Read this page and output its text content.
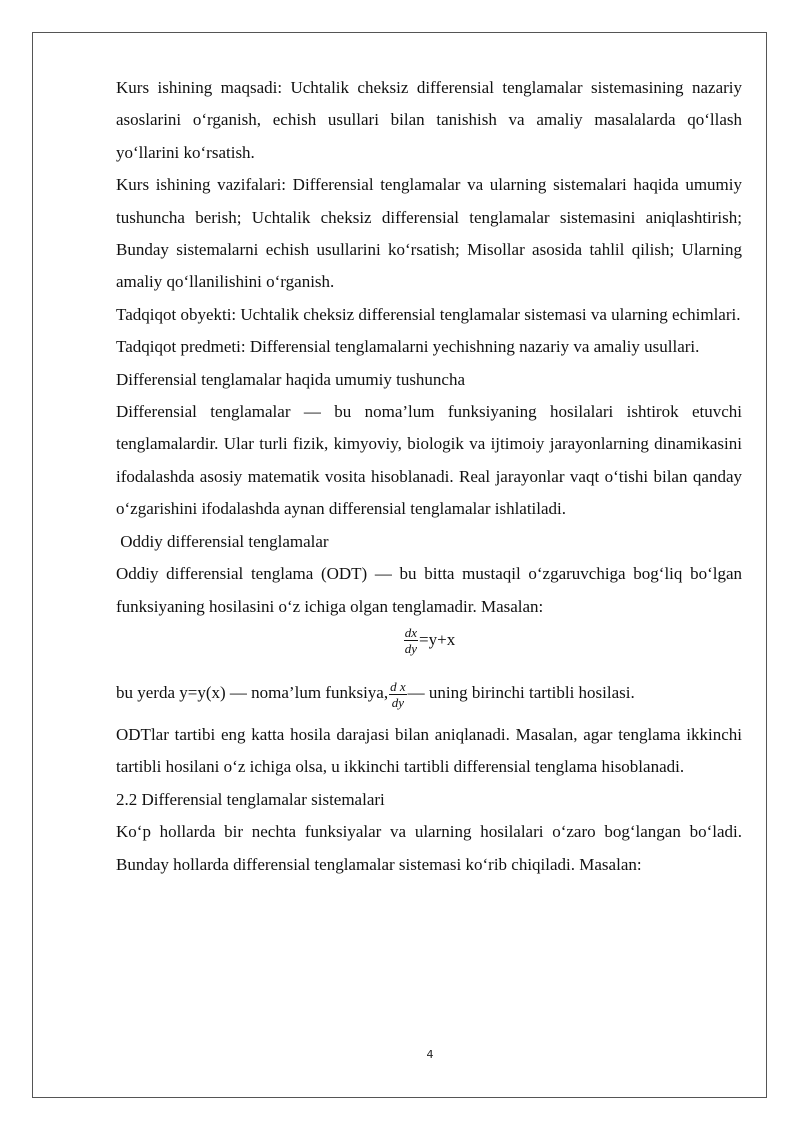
Kurs ishining maqsadi: Uchtalik cheksiz differensial tenglamalar sistemasining nazariy asoslarini o‘rganish, echish usullari bilan tanishish va amaliy masalalarda qo‘llash yo‘llarini ko‘rsatish.

Kurs ishining vazifalari: Differensial tenglamalar va ularning sistemalari haqida umumiy tushuncha berish; Uchtalik cheksiz differensial tenglamalar sistemasini aniqlashtirish; Bunday sistemalarni echish usullarini ko‘rsatish; Misollar asosida tahlil qilish; Ularning amaliy qo‘llanilishini o‘rganish.

Tadqiqot obyekti: Uchtalik cheksiz differensial tenglamalar sistemasi va ularning echimlari.

Tadqiqot predmeti: Differensial tenglamalarni yechishning nazariy va amaliy usullari.

Differensial tenglamalar haqida umumiy tushuncha

Differensial tenglamalar — bu noma’lum funksiyaning hosilalari ishtirok etuvchi tenglamalardir. Ular turli fizik, kimyoviy, biologik va ijtimoiy jarayonlarning dinamikasini ifodalashda asosiy matematik vosita hisoblanadi. Real jarayonlar vaqt o‘tishi bilan qanday o‘zgarishini ifodalashda aynan differensial tenglamalar ishlatiladi.

Oddiy differensial tenglamalar

Oddiy differensial tenglama (ODT) — bu bitta mustaqil o‘zgaruvchiga bog‘liq bo‘lgan funksiyaning hosilasini o‘z ichiga olgan tenglamadir. Masalan:

$\frac{dx}{dy} =y+x$

bu yerda y=y(x) — noma’lum funksiya, $\frac{\text{d x}}{dy}$ — uning birinchi tartibli hosilasi.

ODTlar tartibi eng katta hosila darajasi bilan aniqlanadi. Masalan, agar tenglama ikkinchi tartibli hosilani o‘z ichiga olsa, u ikkinchi tartibli differensial tenglama hisoblanadi.

2.2 Differensial tenglamalar sistemalari

Ko‘p hollarda bir nechta funksiyalar va ularning hosilalari o‘zaro bog‘langan bo‘ladi. Bunday hollarda differensial tenglamalar sistemasi ko‘rib chiqiladi. Masalan:

4
